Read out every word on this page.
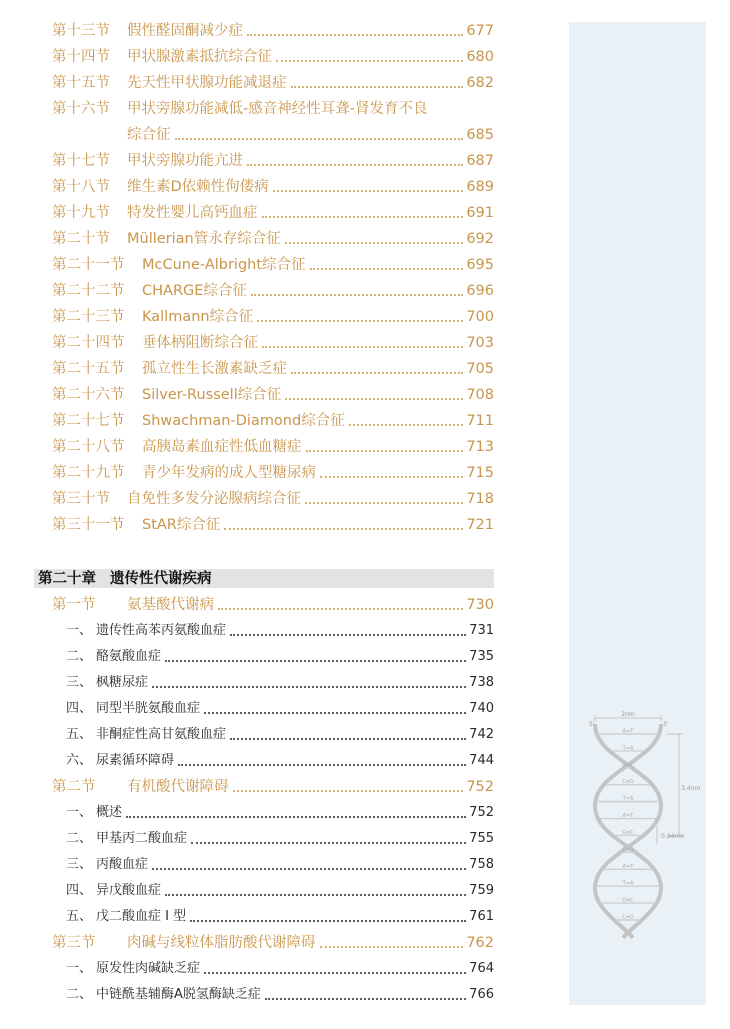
第十三节	假性醛固酮减少症	677
第十四节	甲状腺激素抵抗综合征	680
第十五节	先天性甲状腺功能减退症	682
第十六节	甲状旁腺功能减低-感音神经性耳聋-肾发育不良
综合征	685
第十七节	甲状旁腺功能亢进	687
第十八节	维生素D依赖性佝偻病	689
第十九节	特发性婴儿高钙血症	691
第二十节	Müllerian管永存综合征	692
第二十一节	McCune-Albright综合征	695
第二十二节	CHARGE综合征	696
第二十三节	Kallmann综合征	700
第二十四节	垂体柄阻断综合征	703
第二十五节	孤立性生长激素缺乏症	705
第二十六节	Silver-Russell综合征	708
第二十七节	Shwachman-Diamond综合征	711
第二十八节	高胰岛素血症性低血糖症	713
第二十九节	青少年发病的成人型糖尿病	715
第三十节	自免性多发分泌腺病综合征	718
第三十一节	StAR综合征	721
第二十章 遗传性代谢疾病
第一节	氨基酸代谢病	730
一、 遗传性高苯丙氨酸血症	731
二、 酪氨酸血症	735
三、 枫糖尿症	738
四、 同型半胱氨酸血症	740
五、 非酮症性高甘氨酸血症	742
六、 尿素循环障碍	744
第二节	有机酸代谢障碍	752
一、 概述	752
二、 甲基丙二酸血症	755
三、 丙酸血症	758
四、 异戊酸血症	759
五、 戊二酸血症 I 型	761
第三节	肉碱与线粒体脂肪酸代谢障碍	762
一、 原发性肉碱缺乏症	764
二、 中链酰基辅酶A脱氢酶缺乏症	766
A=T
T=A
G≡C
C≡G
T=A
A=T
G≡C
C≡G
A=T
T=A
G≡C
C≡G
2nm
5'	3'
3.4nm
0.34nm
